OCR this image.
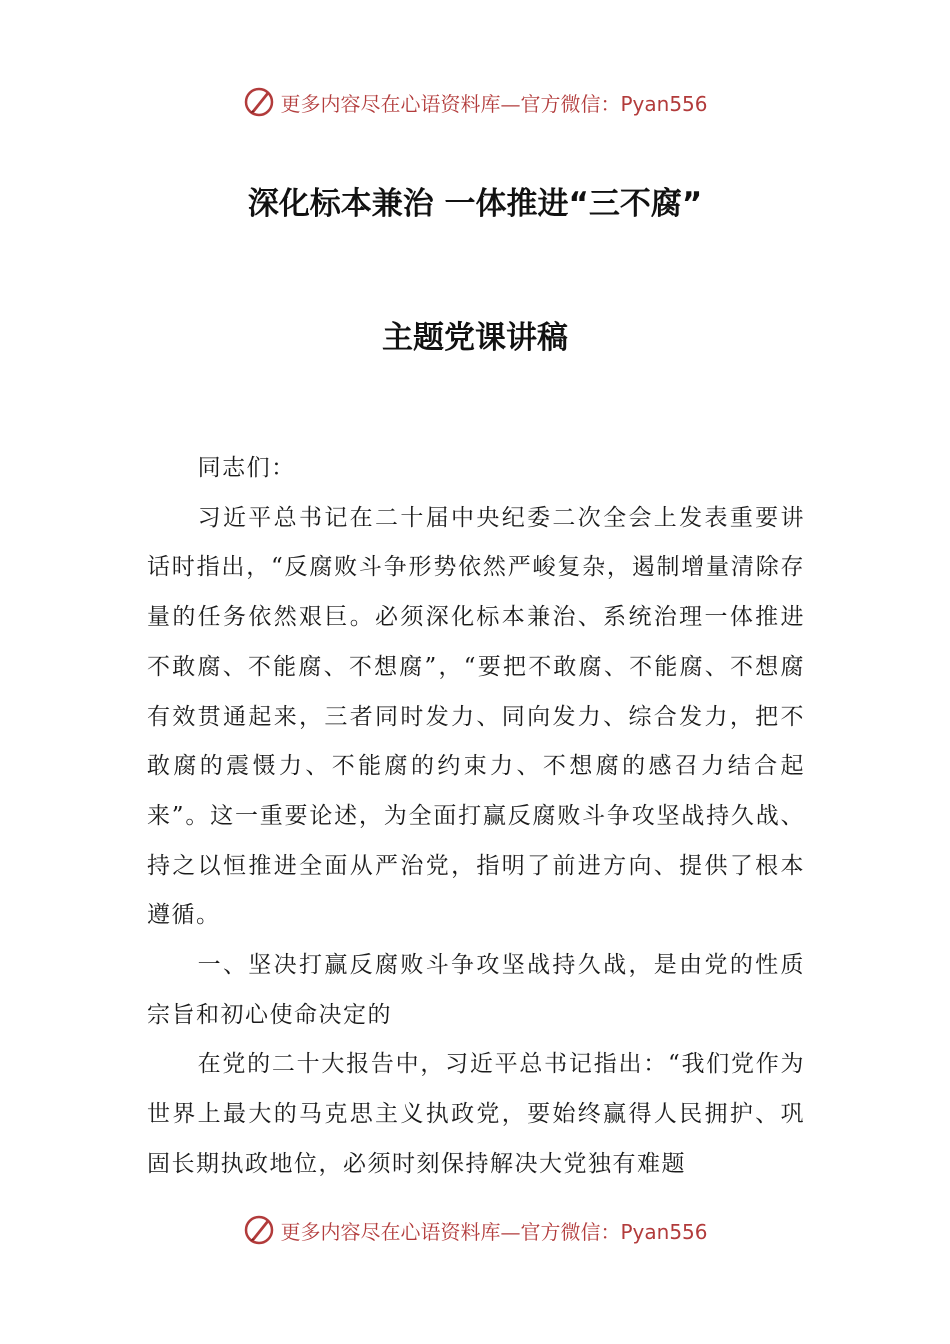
更多内容尽在心语资料库—官方微信：Pyan556
深化标本兼治 一体推进“三不腐”
主题党课讲稿

同志们：

习近平总书记在二十届中央纪委二次全会上发表重要讲话时指出，“反腐败斗争形势依然严峻复杂，遏制增量清除存量的任务依然艰巨。必须深化标本兼治、系统治理一体推进不敢腐、不能腐、不想腐”，“要把不敢腐、不能腐、不想腐有效贯通起来，三者同时发力、同向发力、综合发力，把不敢腐的震慑力、不能腐的约束力、不想腐的感召力结合起来”。这一重要论述，为全面打赢反腐败斗争攻坚战持久战、持之以恒推进全面从严治党，指明了前进方向、提供了根本遵循。

一、坚决打赢反腐败斗争攻坚战持久战，是由党的性质宗旨和初心使命决定的

在党的二十大报告中，习近平总书记指出：“我们党作为世界上最大的马克思主义执政党，要始终赢得人民拥护、巩固长期执政地位，必须时刻保持解决大党独有难题

更多内容尽在心语资料库—官方微信：Pyan556
